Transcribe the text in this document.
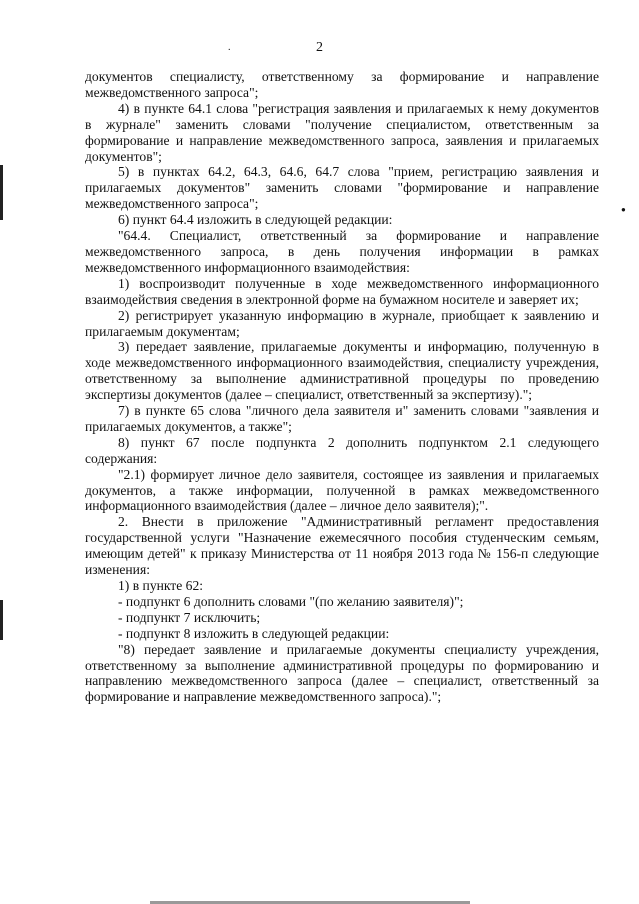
2
.
●

документов специалисту, ответственному за формирование и направление межведомственного запроса";

4) в пункте 64.1 слова "регистрация заявления и прилагаемых к нему документов в журнале" заменить словами "получение специалистом, ответственным за формирование и направление межведомственного запроса, заявления и прилагаемых документов";

5) в пунктах 64.2, 64.3, 64.6, 64.7 слова "прием, регистрацию заявления и прилагаемых документов" заменить словами "формирование и направление межведомственного запроса";

6) пункт 64.4 изложить в следующей редакции:

"64.4. Специалист, ответственный за формирование и направление межведомственного запроса, в день получения информации в рамках межведомственного информационного взаимодействия:

1) воспроизводит полученные в ходе межведомственного информационного взаимодействия сведения в электронной форме на бумажном носителе и заверяет их;

2) регистрирует указанную информацию в журнале, приобщает к заявлению и прилагаемым документам;

3) передает заявление, прилагаемые документы и информацию, полученную в ходе межведомственного информационного взаимодействия, специалисту учреждения, ответственному за выполнение административной процедуры по проведению экспертизы документов (далее – специалист, ответственный за экспертизу).";

7) в пункте 65 слова "личного дела заявителя и" заменить словами "заявления и прилагаемых документов, а также";

8) пункт 67 после подпункта 2 дополнить подпунктом 2.1 следующего содержания:

"2.1) формирует личное дело заявителя, состоящее из заявления и прилагаемых документов, а также информации, полученной в рамках межведомственного информационного взаимодействия (далее – личное дело заявителя);".

2. Внести в приложение "Административный регламент предоставления государственной услуги "Назначение ежемесячного пособия студенческим семьям, имеющим детей" к приказу Министерства от 11 ноября 2013 года № 156-п следующие изменения:

1) в пункте 62:

- подпункт 6 дополнить словами "(по желанию заявителя)";

- подпункт 7 исключить;

- подпункт 8 изложить в следующей редакции:

"8) передает заявление и прилагаемые документы специалисту учреждения, ответственному за выполнение административной процедуры по формированию и направлению межведомственного запроса (далее – специалист, ответственный за формирование и направление межведомственного запроса).";
